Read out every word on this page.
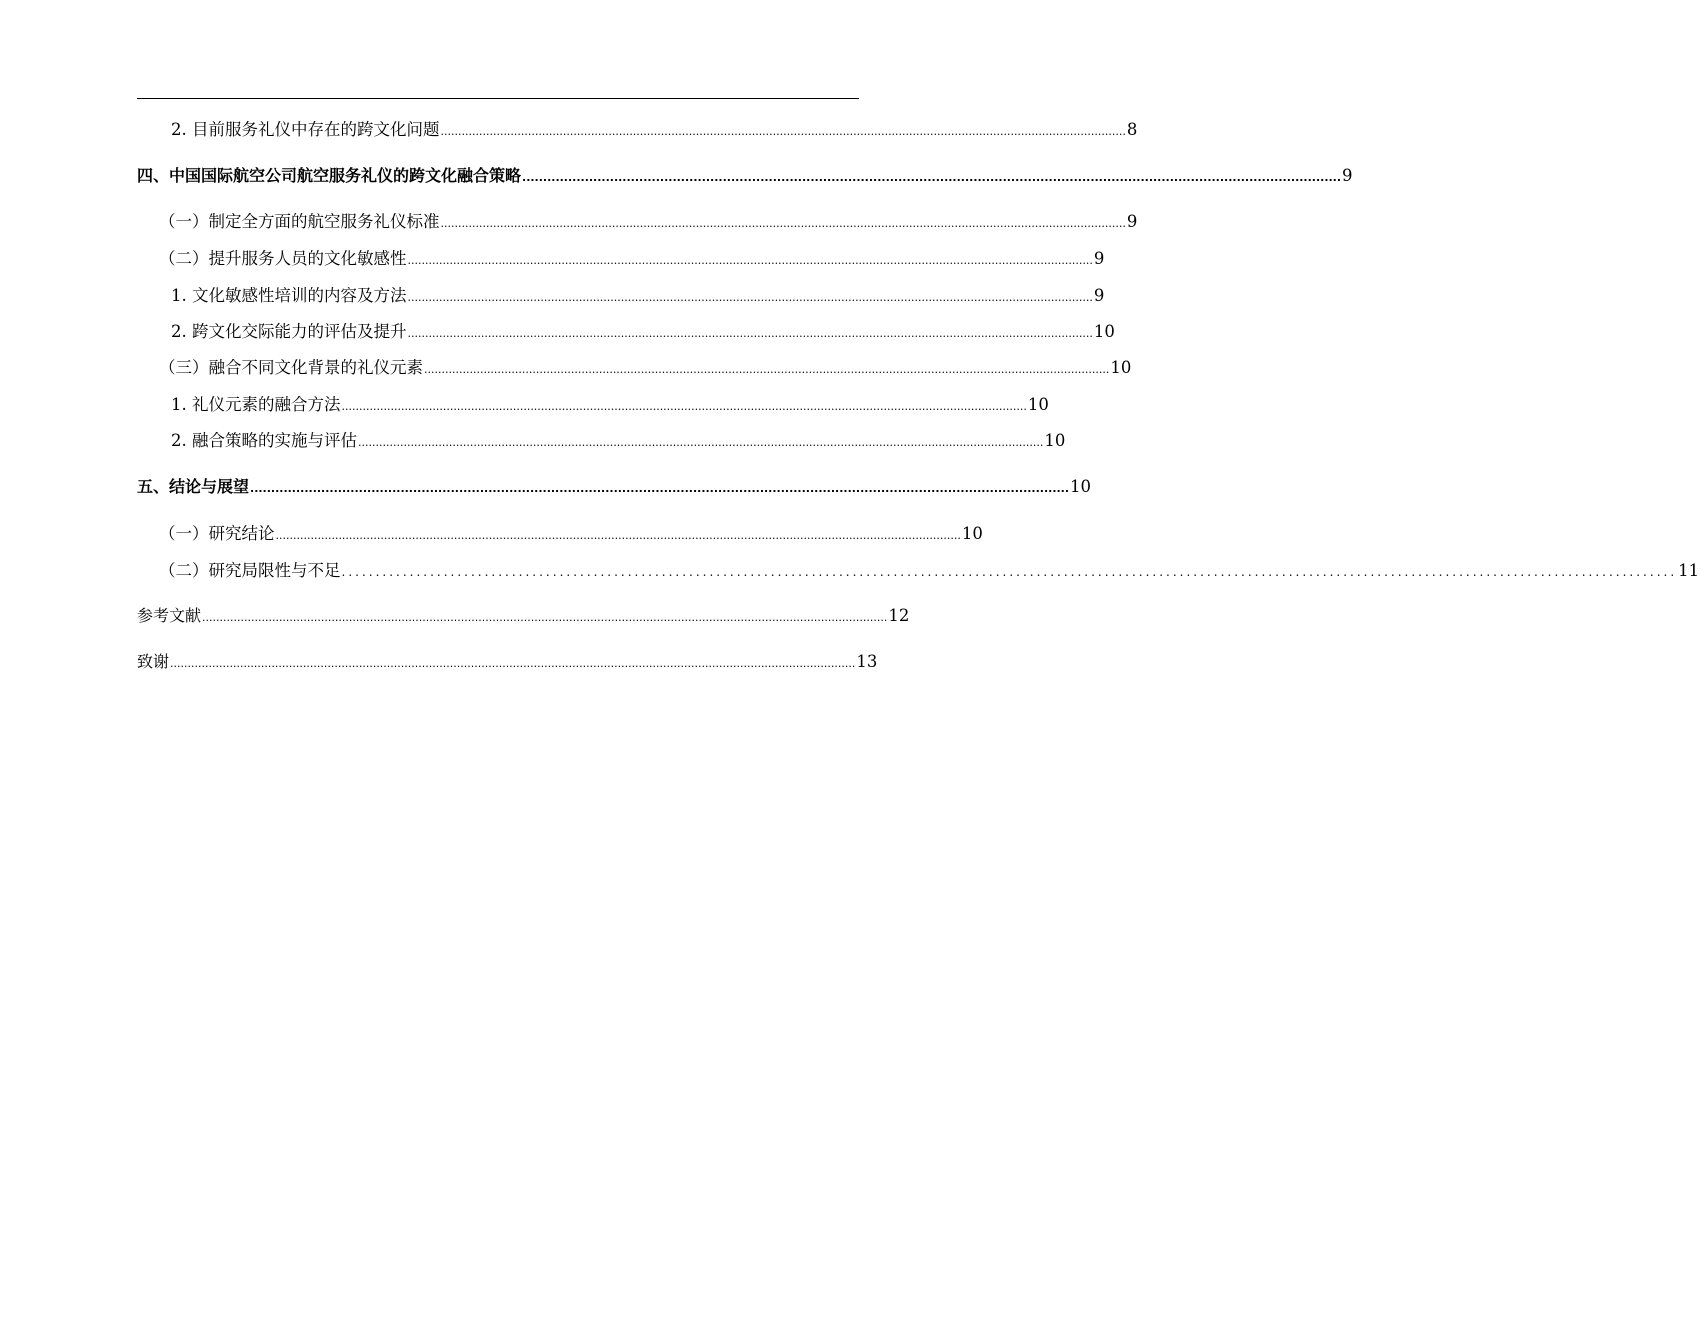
2. 目前服务礼仪中存在的跨文化问题 .................................................................................................................................................................................................... 8
四、中国国际航空公司航空服务礼仪的跨文化融合策略 .................................................................................................................................................................................................... 9
（一）制定全方面的航空服务礼仪标准 .................................................................................................................................................................................................... 9
（二）提升服务人员的文化敏感性 .................................................................................................................................................................................................... 9
1. 文化敏感性培训的内容及方法 .................................................................................................................................................................................................... 9
2. 跨文化交际能力的评估及提升 .................................................................................................................................................................................................... 10
（三）融合不同文化背景的礼仪元素 .................................................................................................................................................................................................... 10
1. 礼仪元素的融合方法 .................................................................................................................................................................................................... 10
2. 融合策略的实施与评估 .................................................................................................................................................................................................... 10
五、结论与展望 .................................................................................................................................................................................................... 10
（一）研究结论 .................................................................................................................................................................................................... 10
（二）研究局限性与不足 .................................................................................................................................................................................................... 11
参考文献 .................................................................................................................................................................................................... 12
致谢 .................................................................................................................................................................................................... 13
